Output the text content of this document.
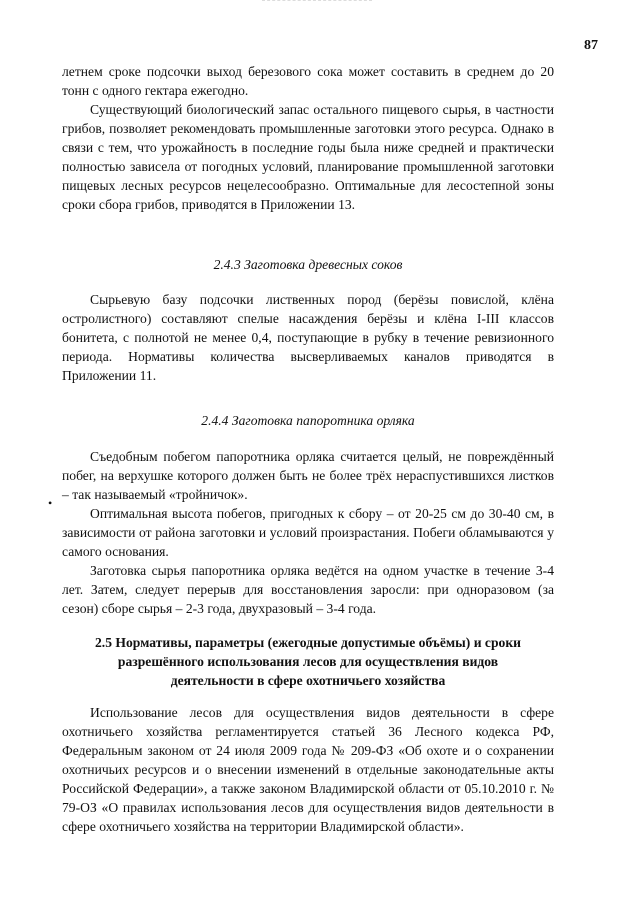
87

летнем сроке подсочки выход березового сока может составить в среднем до 20 тонн с одного гектара ежегодно.

Существующий биологический запас остального пищевого сырья, в частности грибов, позволяет рекомендовать промышленные заготовки этого ресурса. Однако в связи с тем, что урожайность в последние годы была ниже средней и практически полностью зависела от погодных условий, планирование промышленной заготовки пищевых лесных ресурсов нецелесообразно. Оптимальные для лесостепной зоны сроки сбора грибов, приводятся в Приложении 13.

2.4.3 Заготовка древесных соков

Сырьевую базу подсочки лиственных пород (берёзы повислой, клёна остролистного) составляют спелые насаждения берёзы и клёна I-III классов бонитета, с полнотой не менее 0,4, поступающие в рубку в течение ревизионного периода. Нормативы количества высверливаемых каналов приводятся в Приложении 11.

2.4.4 Заготовка папоротника орляка

Съедобным побегом папоротника орляка считается целый, не повреждённый побег, на верхушке которого должен быть не более трёх нераспустившихся листков – так называемый «тройничок».

Оптимальная высота побегов, пригодных к сбору – от 20-25 см до 30-40 см, в зависимости от района заготовки и условий произрастания. Побеги обламываются у самого основания.

Заготовка сырья папоротника орляка ведётся на одном участке в течение 3-4 лет. Затем, следует перерыв для восстановления заросли: при одноразовом (за сезон) сборе сырья – 2-3 года, двухразовый – 3-4 года.

•
2.5 Нормативы, параметры (ежегодные допустимые объёмы) и сроки
разрешённого использования лесов для осуществления видов
деятельности в сфере охотничьего хозяйства

Использование лесов для осуществления видов деятельности в сфере охотничьего хозяйства регламентируется статьей 36 Лесного кодекса РФ, Федеральным законом от 24 июля 2009 года № 209-ФЗ «Об охоте и о сохранении охотничьих ресурсов и о внесении изменений в отдельные законодательные акты Российской Федерации», а также законом Владимирской области от 05.10.2010 г. № 79-ОЗ «О правилах использования лесов для осуществления видов деятельности в сфере охотничьего хозяйства на территории Владимирской области».
